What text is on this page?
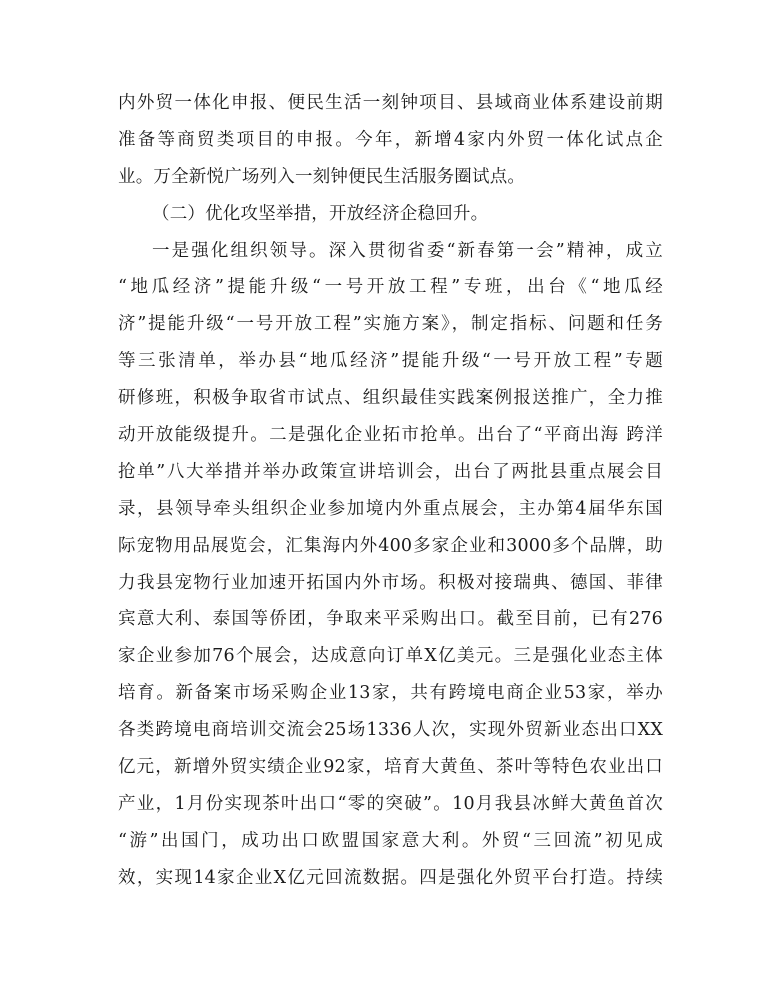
内外贸一体化申报、便民生活一刻钟项目、县域商业体系建设前期
准备等商贸类项目的申报。今年，新增4家内外贸一体化试点企
业。万全新悦广场列入一刻钟便民生活服务圈试点。
（二）优化攻坚举措，开放经济企稳回升。
一是强化组织领导。深入贯彻省委“新春第一会”精神，成立
“地瓜经济”提能升级“一号开放工程”专班，出台《“地瓜经
济”提能升级“一号开放工程”实施方案》，制定指标、问题和任务
等三张清单，举办县“地瓜经济”提能升级“一号开放工程”专题
研修班，积极争取省市试点、组织最佳实践案例报送推广，全力推
动开放能级提升。二是强化企业拓市抢单。出台了“平商出海 跨洋
抢单”八大举措并举办政策宣讲培训会，出台了两批县重点展会目
录，县领导牵头组织企业参加境内外重点展会，主办第4届华东国
际宠物用品展览会，汇集海内外400多家企业和3000多个品牌，助
力我县宠物行业加速开拓国内外市场。积极对接瑞典、德国、菲律
宾意大利、泰国等侨团，争取来平采购出口。截至目前，已有276
家企业参加76个展会，达成意向订单X亿美元。三是强化业态主体
培育。新备案市场采购企业13家，共有跨境电商企业53家，举办
各类跨境电商培训交流会25场1336人次，实现外贸新业态出口XX
亿元，新增外贸实绩企业92家，培育大黄鱼、茶叶等特色农业出口
产业，1月份实现茶叶出口“零的突破”。10月我县冰鲜大黄鱼首次
“游”出国门，成功出口欧盟国家意大利。外贸“三回流”初见成
效，实现14家企业X亿元回流数据。四是强化外贸平台打造。持续
